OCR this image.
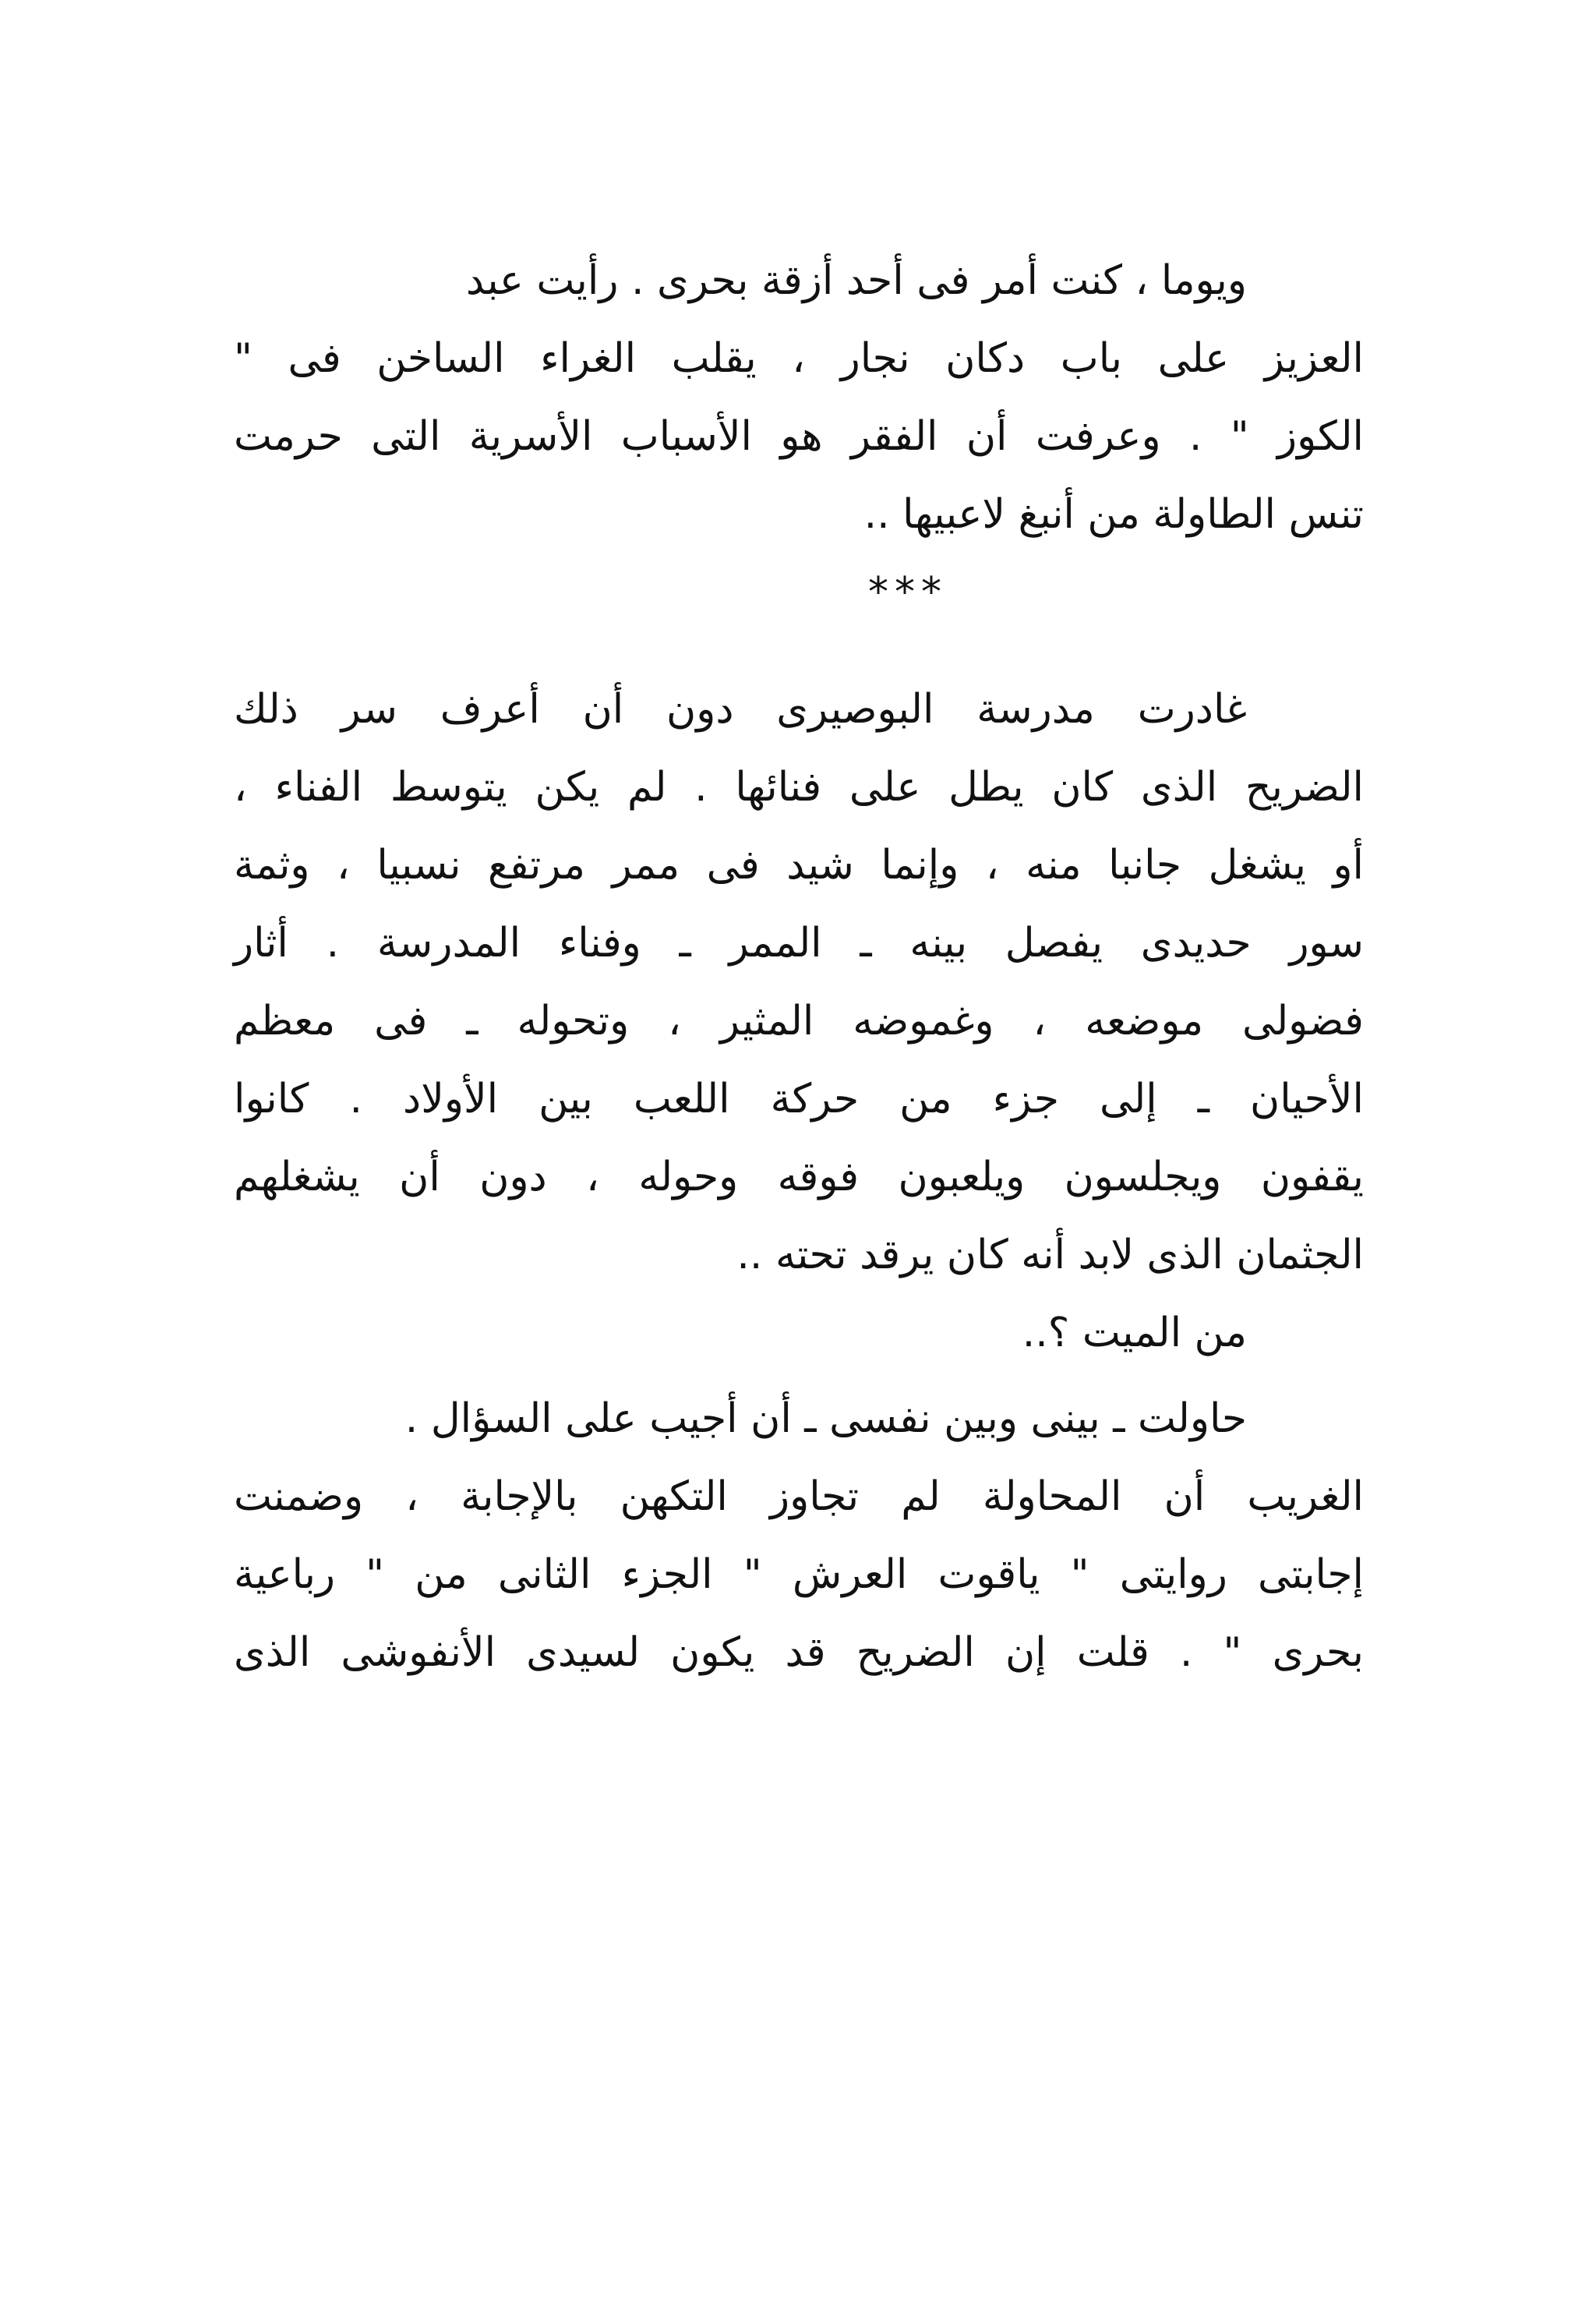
ويوما ، كنت أمر فى أحد أزقة بحرى . رأيت عبد
العزيز على باب دكان نجار ، يقلب الغراء الساخن فى "
الكوز " . وعرفت أن الفقر هو الأسباب الأسرية التى حرمت
تنس الطاولة من أنبغ لاعبيها ..
***
غادرت مدرسة البوصيرى دون أن أعرف سر ذلك
الضريح الذى كان يطل على فنائها . لم يكن يتوسط الفناء ،
أو يشغل جانبا منه ، وإنما شيد فى ممر مرتفع نسبيا ، وثمة
سور حديدى يفصل بينه ـ الممر ـ وفناء المدرسة . أثار
فضولى موضعه ، وغموضه المثير ، وتحوله ـ فى معظم
الأحيان ـ إلى جزء من حركة اللعب بين الأولاد . كانوا
يقفون ويجلسون ويلعبون فوقه وحوله ، دون أن يشغلهم
الجثمان الذى لابد أنه كان يرقد تحته ..
من الميت ؟..
حاولت ـ بينى وبين نفسى ـ أن أجيب على السؤال .
الغريب أن المحاولة لم تجاوز التكهن بالإجابة ، وضمنت
إجابتى روايتى " ياقوت العرش " الجزء الثانى من " رباعية
بحرى " . قلت إن الضريح قد يكون لسيدى الأنفوشى الذى
